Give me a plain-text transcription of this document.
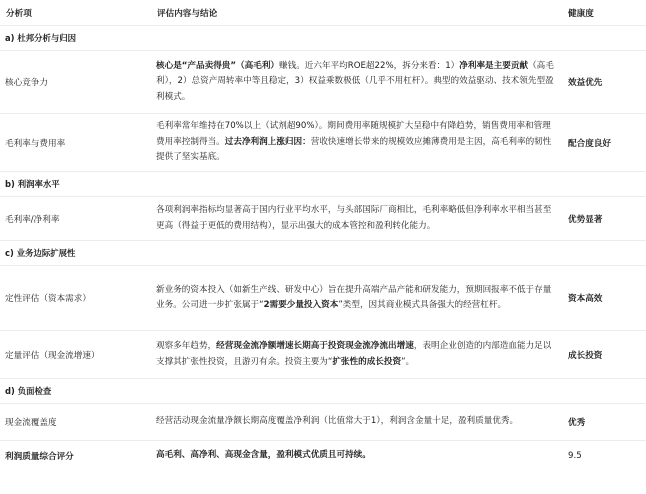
分析项	评估内容与结论	健康度
a) 杜邦分析与归因		
核心竞争力	核心是“产品卖得贵”（高毛利）赚钱。近六年平均ROE超22%，拆分来看：1）净利率是主要贡献（高毛利），2）总资产周转率中等且稳定，3）权益乘数极低（几乎不用杠杆）。典型的效益驱动、技术领先型盈利模式。	效益优先
毛利率与费用率	毛利率常年维持在70%以上（试剂超90%）。期间费用率随规模扩大呈稳中有降趋势，销售费用率和管理费用率控制得当。过去净利润上涨归因：营收快速增长带来的规模效应摊薄费用是主因，高毛利率的韧性提供了坚实基底。	配合度良好
b) 利润率水平		
毛利率/净利率	各项利润率指标均显著高于国内行业平均水平，与头部国际厂商相比，毛利率略低但净利率水平相当甚至更高（得益于更低的费用结构），显示出强大的成本管控和盈利转化能力。	优势显著
c) 业务边际扩展性		
定性评估（资本需求）	新业务的资本投入（如新生产线、研发中心）旨在提升高端产品产能和研发能力，预期回报率不低于存量业务。公司进一步扩张属于“2需要少量投入资本”类型，因其商业模式具备强大的经营杠杆。	资本高效
定量评估（现金流增速）	观察多年趋势，经营现金流净额增速长期高于投资现金流净流出增速，表明企业创造的内部造血能力足以支撑其扩张性投资，且游刃有余。投资主要为“扩张性的成长投资”。	成长投资
d) 负面检查		
现金流覆盖度	经营活动现金流量净额长期高度覆盖净利润（比值常大于1），利润含金量十足，盈利质量优秀。	优秀
利润质量综合评分	高毛利、高净利、高现金含量，盈利模式优质且可持续。	9.5
